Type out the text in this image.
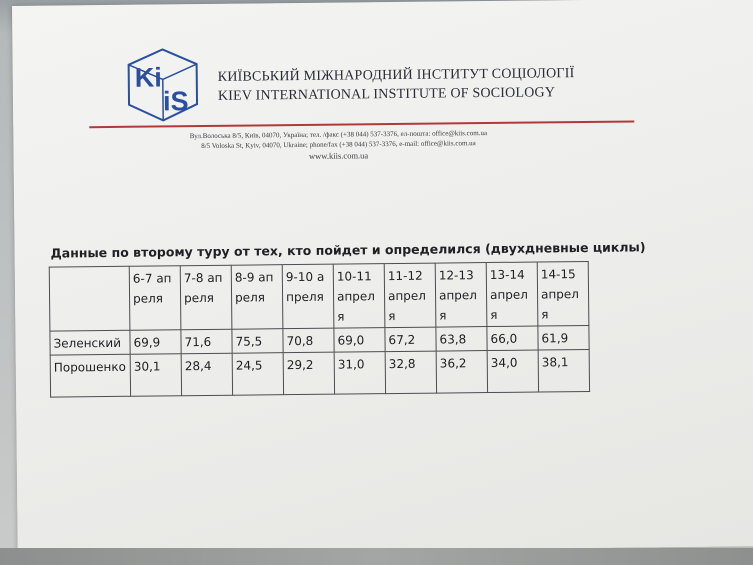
Ki
iS
КИЇВСЬКИЙ МІЖНАРОДНИЙ ІНСТИТУТ СОЦІОЛОГІЇ
KIEV INTERNATIONAL INSTITUTE OF SOCIOLOGY
Вул.Волоська 8/5, Київ, 04070, Україна; тел. /факс (+38 044) 537-3376, ел-пошта: office@kiis.com.ua
8/5 Voloska St, Kyiv, 04070, Ukraine; phone/fax (+38 044) 537-3376, e-mail: office@kiis.com.ua
www.kiis.com.ua
Данные по второму туру от тех, кто пойдет и определился (двухдневные циклы)
	6-7 апреля	7-8 апреля	8-9 апреля	9-10 апреля	10-11 апреля	11-12 апреля	12-13 апреля	13-14 апреля	14-15 апреля
Зеленский	69,9	71,6	75,5	70,8	69,0	67,2	63,8	66,0	61,9
Порошенко	30,1	28,4	24,5	29,2	31,0	32,8	36,2	34,0	38,1
